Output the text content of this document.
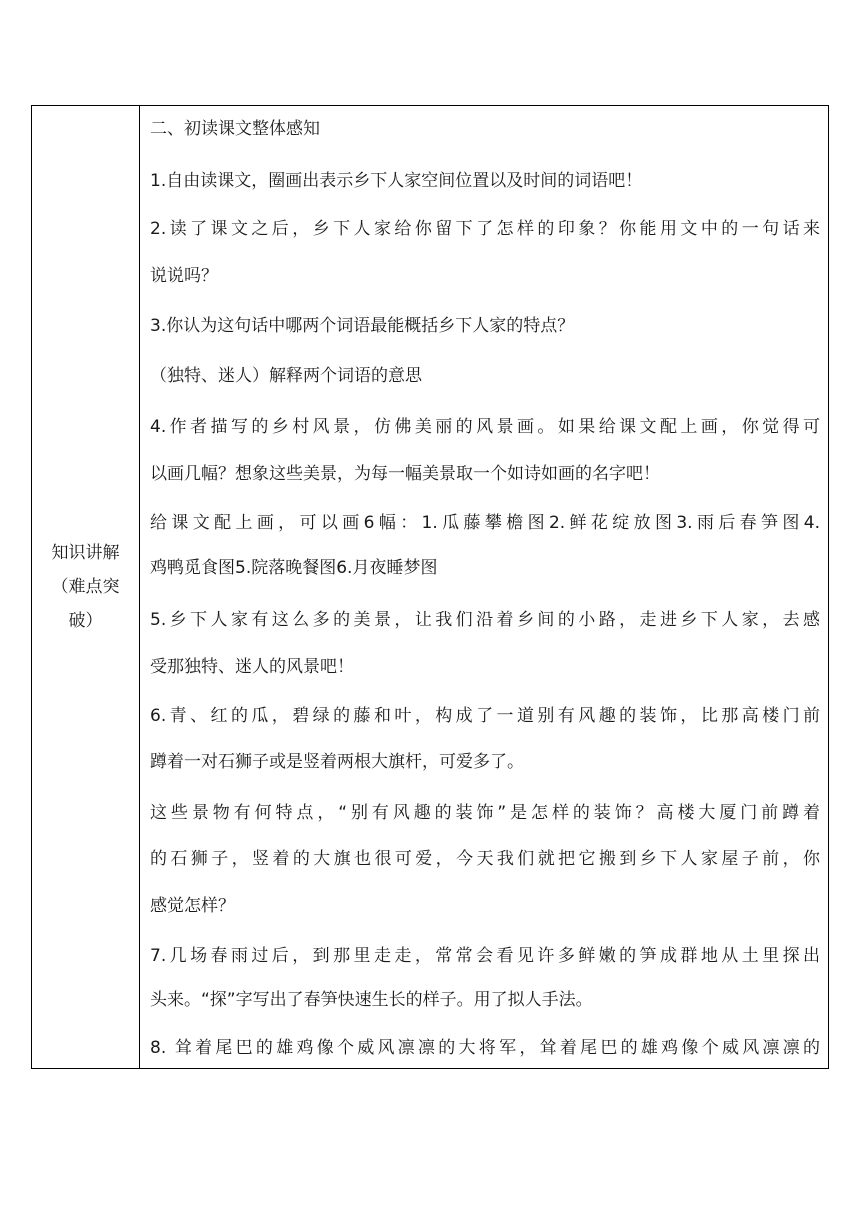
知识讲解
（难点突
破）
二、初读课文整体感知
1.自由读课文，圈画出表示乡下人家空间位置以及时间的词语吧！
2.读了课文之后，乡下人家给你留下了怎样的印象？你能用文中的一句话来
说说吗？
3.你认为这句话中哪两个词语最能概括乡下人家的特点？
（独特、迷人）解释两个词语的意思
4.作者描写的乡村风景，仿佛美丽的风景画。如果给课文配上画，你觉得可
以画几幅？想象这些美景，为每一幅美景取一个如诗如画的名字吧！
给课文配上画，可以画6幅：1.瓜藤攀檐图2.鲜花绽放图3.雨后春笋图4.
鸡鸭觅食图5.院落晚餐图6.月夜睡梦图
5.乡下人家有这么多的美景，让我们沿着乡间的小路，走进乡下人家，去感
受那独特、迷人的风景吧！
6.青、红的瓜，碧绿的藤和叶，构成了一道别有风趣的装饰，比那高楼门前
蹲着一对石狮子或是竖着两根大旗杆，可爱多了。
这些景物有何特点，“别有风趣的装饰”是怎样的装饰？高楼大厦门前蹲着
的石狮子，竖着的大旗也很可爱，今天我们就把它搬到乡下人家屋子前，你
感觉怎样？
7.几场春雨过后，到那里走走，常常会看见许多鲜嫩的笋成群地从土里探出
头来。“探”字写出了春笋快速生长的样子。用了拟人手法。
8. 耸着尾巴的雄鸡像个威风凛凛的大将军，耸着尾巴的雄鸡像个威风凛凛的
